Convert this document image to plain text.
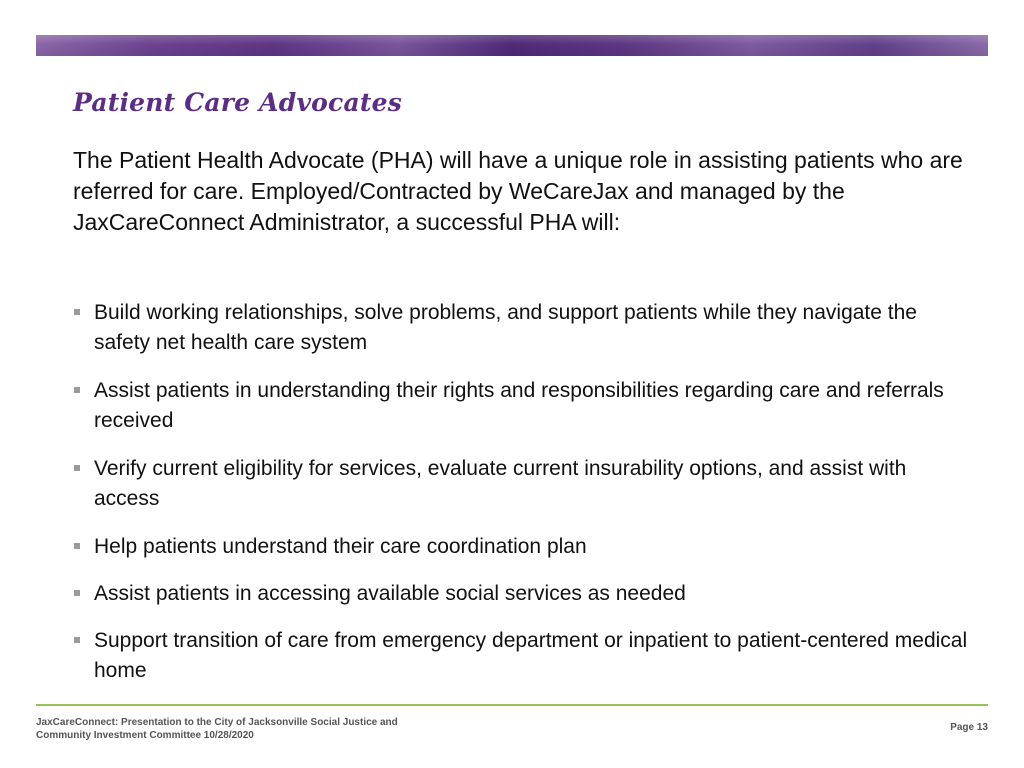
Patient Care Advocates

The Patient Health Advocate (PHA) will have a unique role in assisting patients who are referred for care. Employed/Contracted by WeCareJax and managed by the JaxCareConnect Administrator, a successful PHA will:

Build working relationships, solve problems, and support patients while they navigate the safety net health care system
Assist patients in understanding their rights and responsibilities regarding care and referrals received
Verify current eligibility for services, evaluate current insurability options, and assist with access
Help patients understand their care coordination plan
Assist patients in accessing available social services as needed
Support transition of care from emergency department or inpatient to patient-centered medical home

JaxCareConnect: Presentation to the City of Jacksonville Social Justice and
Community Investment Committee 10/28/2020

Page 13
